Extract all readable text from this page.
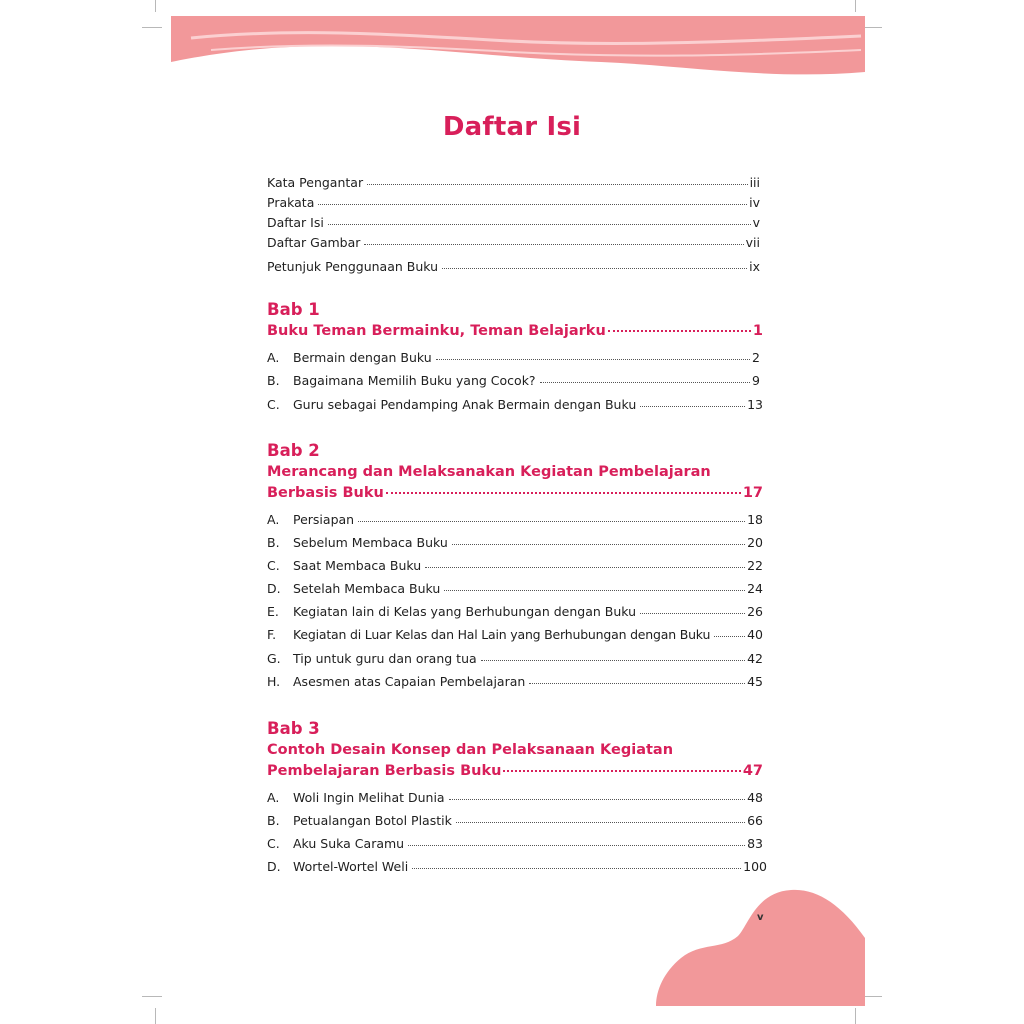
Daftar Isi
Kata Pengantar	iii
Prakata	iv
Daftar Isi	v
Daftar Gambar	vii
Petunjuk Penggunaan Buku	ix
Bab 1
Buku Teman Bermainku, Teman Belajarku	1
A.	Bermain dengan Buku	2
B.	Bagaimana Memilih Buku yang Cocok?	9
C.	Guru sebagai Pendamping Anak Bermain dengan Buku	13
Bab 2
Merancang dan Melaksanakan Kegiatan Pembelajaran
Berbasis Buku	17
A.	Persiapan	18
B.	Sebelum Membaca Buku	20
C.	Saat Membaca Buku	22
D. Setelah Membaca Buku	24
E.	Kegiatan lain di Kelas yang Berhubungan dengan Buku	26
F.	Kegiatan di Luar Kelas dan Hal Lain yang Berhubungan dengan Buku	40
G. Tip untuk guru dan orang tua	42
H.	Asesmen atas Capaian Pembelajaran	45
Bab 3
Contoh Desain Konsep dan Pelaksanaan Kegiatan
Pembelajaran Berbasis Buku	47
A.	Woli Ingin Melihat Dunia	48
B.	Petualangan Botol Plastik	66
C.	Aku Suka Caramu	83
D. Wortel-Wortel Weli	100
v
